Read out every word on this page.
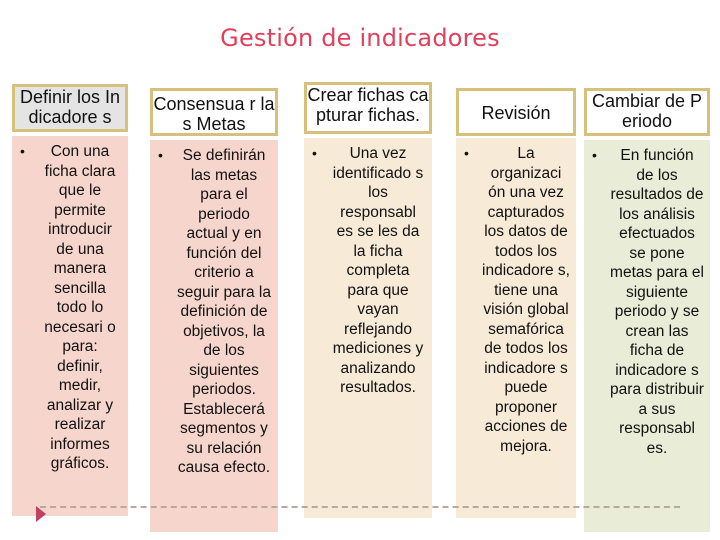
Gestión de indicadores
•	Con una ficha clara que le permite introducir de una manera sencilla todo lo necesari o para: definir, medir, analizar y realizar informes gráficos.
Definir los Indicadore s
•	Se definirán las metas para el periodo actual y en función del criterio a seguir para la definición de objetivos, la de los siguientes periodos. Establecerá segmentos y su relación causa efecto.
Consensua r las Metas
•	Una vez identificado s los responsabl es se les da la ficha completa para que vayan reflejando mediciones y analizando resultados.
Crear fichas capturar fichas.
•	La organizaci ón una vez capturados los datos de todos los indicadore s, tiene una visión global semafórica de todos los indicadore s puede proponer acciones de mejora.
Revisión
•	En función de los resultados de los análisis efectuados se pone metas para el siguiente periodo y se crean las ficha de indicadore s para distribuir a sus responsabl es.
Cambiar de Periodo
